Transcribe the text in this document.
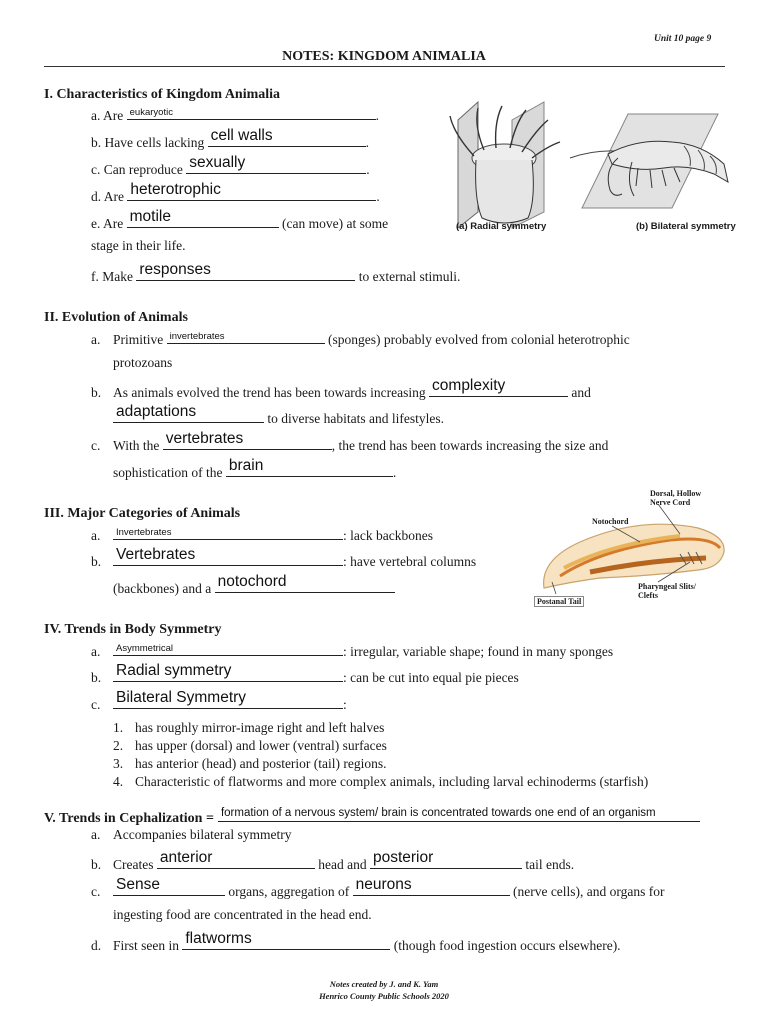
Unit 10 page 9
NOTES: KINGDOM ANIMALIA
I. Characteristics of Kingdom Animalia
a. Are eukaryotic	.
b. Have cells lacking cell walls	.
c. Can reproduce sexually	.
d. Are heterotrophic	.
e. Are motile	(can move) at some
stage in their life.
f. Make responses	to external stimuli.
(a) Radial symmetry	(b) Bilateral symmetry
II. Evolution of Animals
a. Primitive invertebrates	(sponges) probably evolved from colonial heterotrophic
protozoans
b. As animals evolved the trend has been towards increasing complexity	and
adaptations	to diverse habitats and lifestyles.
c. With the vertebrates	, the trend has been towards increasing the size and
sophistication of the brain	.
III. Major Categories of Animals
a. Invertebrates	: lack backbones
b. Vertebrates	: have vertebral columns
(backbones) and a notochord
Dorsal, Hollow
Nerve Cord
Notochord
Pharyngeal Slits/
Clefts
Postanal Tail
IV. Trends in Body Symmetry
a. Asymmetrical	: irregular, variable shape; found in many sponges
b. Radial symmetry	: can be cut into equal pie pieces
c. Bilateral Symmetry	:
1. has roughly mirror-image right and left halves
2. has upper (dorsal) and lower (ventral) surfaces
3. has anterior (head) and posterior (tail) regions.
4. Characteristic of flatworms and more complex animals, including larval echinoderms (starfish)
V. Trends in Cephalization = formation of a nervous system/ brain is concentrated towards one end of an organism
a. Accompanies bilateral symmetry
b. Creates anterior	head and posterior	tail ends.
c. Sense	organs, aggregation of neurons	(nerve cells), and organs for
ingesting food are concentrated in the head end.
d. First seen in flatworms	(though food ingestion occurs elsewhere).
Notes created by J. and K. Yam
Henrico County Public Schools 2020
